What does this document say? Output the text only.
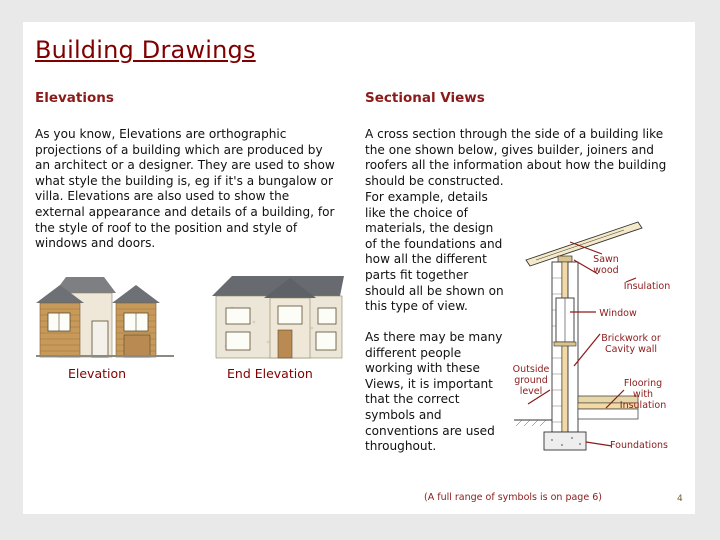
Building Drawings
Elevations	Sectional Views

As you know, Elevations are orthographic projections of a building which are produced by an architect or a designer. They are used to show what style the building is, eg if it's a bungalow or villa. Elevations are also used to show the external appearance and details of a building, for the style of roof to the position and style of windows and doors.

A cross section through the side of a building like the one shown below, gives builder, joiners and roofers all the information about how the building should be constructed.

For example, details like the choice of materials, the design of the foundations and how all the different parts fit together should all be shown on this type of view.

As there may be many different people working with these Views, it is important that the correct symbols and conventions are used throughout.

Elevation	End Elevation
Sawn wood
Insulation
Window
Brickwork or Cavity wall
Outside ground level
Flooring with Insulation
Foundations
(A full range of symbols is on page 6)	4
